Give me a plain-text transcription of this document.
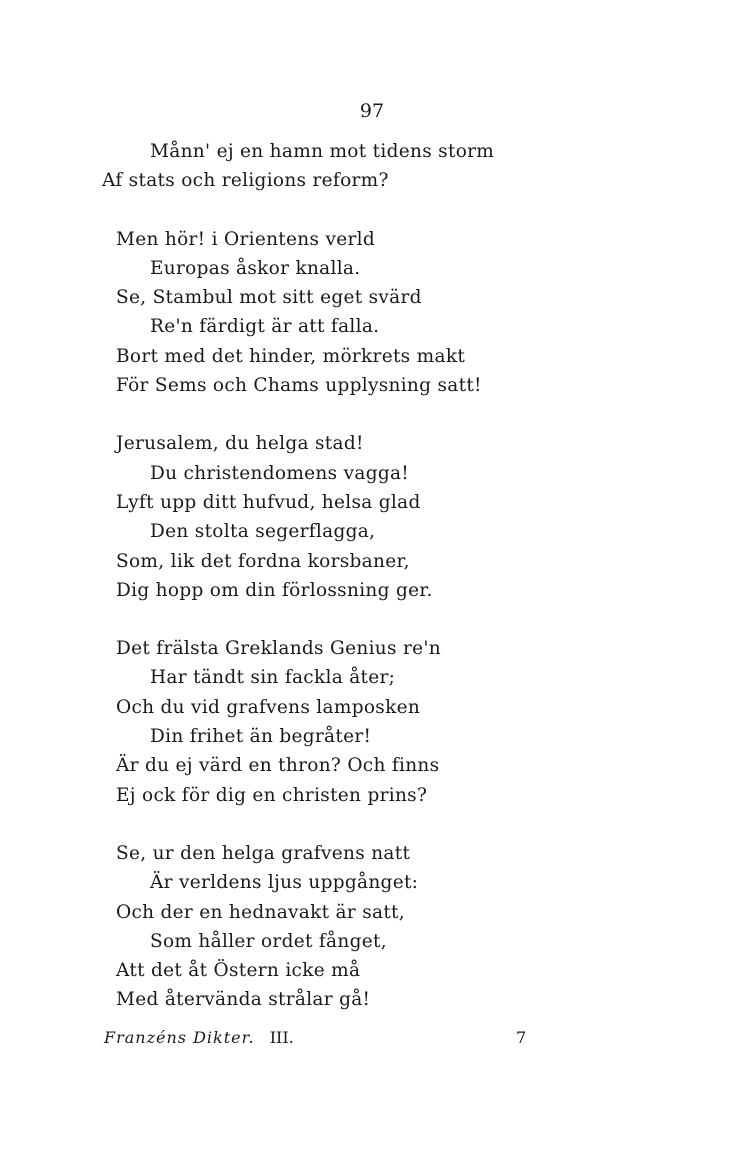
97
Månn' ej en hamn mot tidens storm
Af stats och religions reform?
Men hör! i Orientens verld
Europas åskor knalla.
Se, Stambul mot sitt eget svärd
Re'n färdigt är att falla.
Bort med det hinder, mörkrets makt
För Sems och Chams upplysning satt!
Jerusalem, du helga stad!
Du christendomens vagga!
Lyft upp ditt hufvud, helsa glad
Den stolta segerflagga,
Som, lik det fordna korsbaner,
Dig hopp om din förlossning ger.
Det frälsta Greklands Genius re'n
Har tändt sin fackla åter;
Och du vid grafvens lamposken
Din frihet än begråter!
Är du ej värd en thron? Och finns
Ej ock för dig en christen prins?
Se, ur den helga grafvens natt
Är verldens ljus uppgånget:
Och der en hednavakt är satt,
Som håller ordet fånget,
Att det åt Östern icke må
Med återvända strålar gå!
Franzéns Dikter. III.	7
